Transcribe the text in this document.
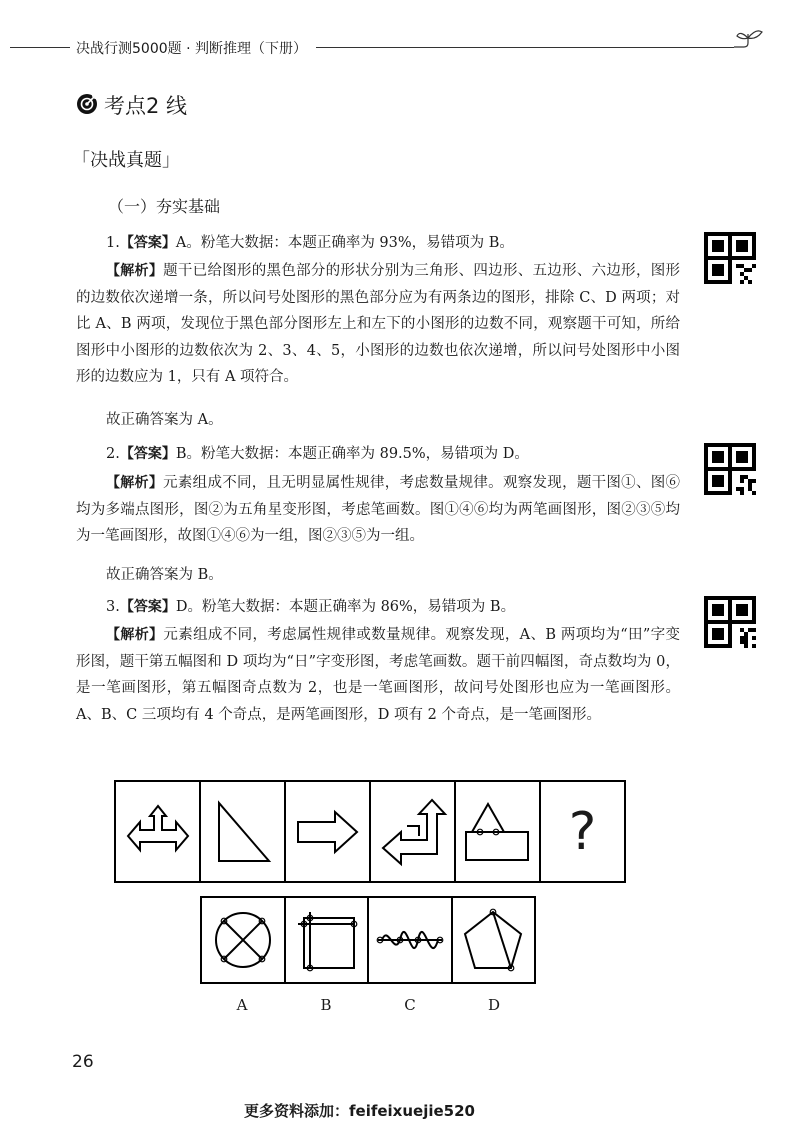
决战行测5000题 · 判断推理（下册）
考点2 线
「决战真题」
（一）夯实基础
1.【答案】A。粉笔大数据：本题正确率为 93%，易错项为 B。
【解析】题干已给图形的黑色部分的形状分别为三角形、四边形、五边形、六边形，图形的边数依次递增一条，所以问号处图形的黑色部分应为有两条边的图形，排除 C、D 两项；对比 A、B 两项，发现位于黑色部分图形左上和左下的小图形的边数不同，观察题干可知，所给图形中小图形的边数依次为 2、3、4、5，小图形的边数也依次递增，所以问号处图形中小图形的边数应为 1，只有 A 项符合。
故正确答案为 A。
2.【答案】B。粉笔大数据：本题正确率为 89.5%，易错项为 D。
【解析】元素组成不同，且无明显属性规律，考虑数量规律。观察发现，题干图①、图⑥均为多端点图形，图②为五角星变形图，考虑笔画数。图①④⑥均为两笔画图形，图②③⑤均为一笔画图形，故图①④⑥为一组，图②③⑤为一组。
故正确答案为 B。
3.【答案】D。粉笔大数据：本题正确率为 86%，易错项为 B。
【解析】元素组成不同，考虑属性规律或数量规律。观察发现，A、B 两项均为“田”字变形图，题干第五幅图和 D 项均为“日”字变形图，考虑笔画数。题干前四幅图，奇点数均为 0，是一笔画图形，第五幅图奇点数为 2，也是一笔画图形，故问号处图形也应为一笔画图形。A、B、C 三项均有 4 个奇点，是两笔画图形，D 项有 2 个奇点，是一笔画图形。
?
A	B	C	D
26
更多资料添加：feifeixuejie520
